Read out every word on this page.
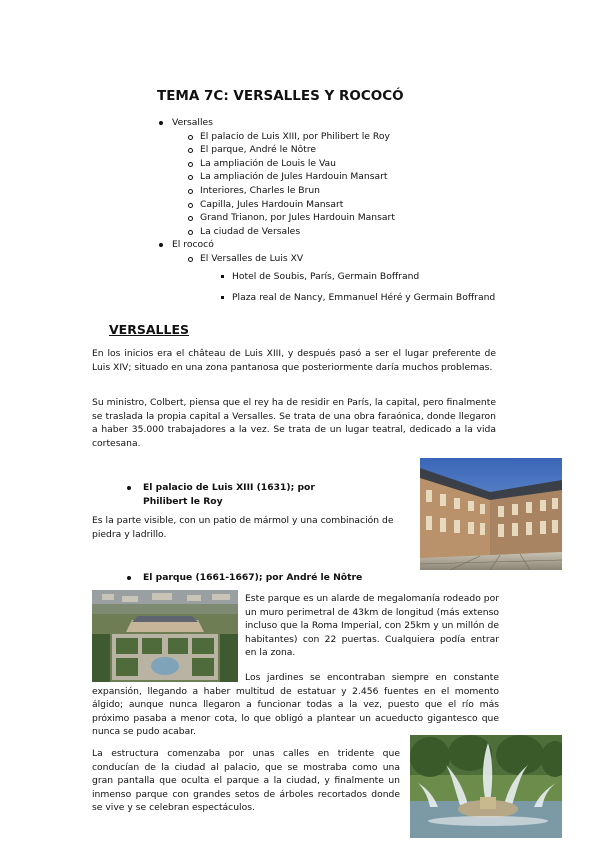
TEMA 7C: VERSALLES Y ROCOCÓ
Versalles
El palacio de Luis XIII, por Philibert le Roy
El parque, André le Nôtre
La ampliación de Louis le Vau
La ampliación de Jules Hardouin Mansart
Interiores, Charles le Brun
Capilla, Jules Hardouin Mansart
Grand Trianon, por Jules Hardouin Mansart
La ciudad de Versales
El rococó
El Versalles de Luis XV
Hotel de Soubis, París, Germain Boffrand
Plaza real de Nancy, Emmanuel Héré y Germain Boffrand
VERSALLES
En los inicios era el château de Luis XIII, y después pasó a ser el lugar preferente de Luis XIV; situado en una zona pantanosa que posteriormente daría muchos problemas.
Su ministro, Colbert, piensa que el rey ha de residir en París, la capital, pero finalmente se traslada la propia capital a Versalles. Se trata de una obra faraónica, donde llegaron a haber 35.000 trabajadores a la vez. Se trata de un lugar teatral, dedicado a la vida cortesana.
El palacio de Luis XIII (1631); por
Philibert le Roy
Es la parte visible, con un patio de mármol y una combinación de piedra y ladrillo.
El parque (1661-1667); por André le Nôtre
Este parque es un alarde de megalomanía rodeado por un muro perimetral de 43km de longitud (más extenso incluso que la Roma Imperial, con 25km y un millón de habitantes) con 22 puertas. Cualquiera podía entrar en la zona.
Los jardines se encontraban siempre en constante expansión, llegando a haber multitud de estatuar y 2.456 fuentes en el momento álgido; aunque nunca llegaron a funcionar todas a la vez, puesto que el río más próximo pasaba a menor cota, lo que obligó a plantear un acueducto gigantesco que nunca se pudo acabar.
La estructura comenzaba por unas calles en tridente que conducían de la ciudad al palacio, que se mostraba como una gran pantalla que oculta el parque a la ciudad, y finalmente un inmenso parque con grandes setos de árboles recortados donde se vive y se celebran espectáculos.
